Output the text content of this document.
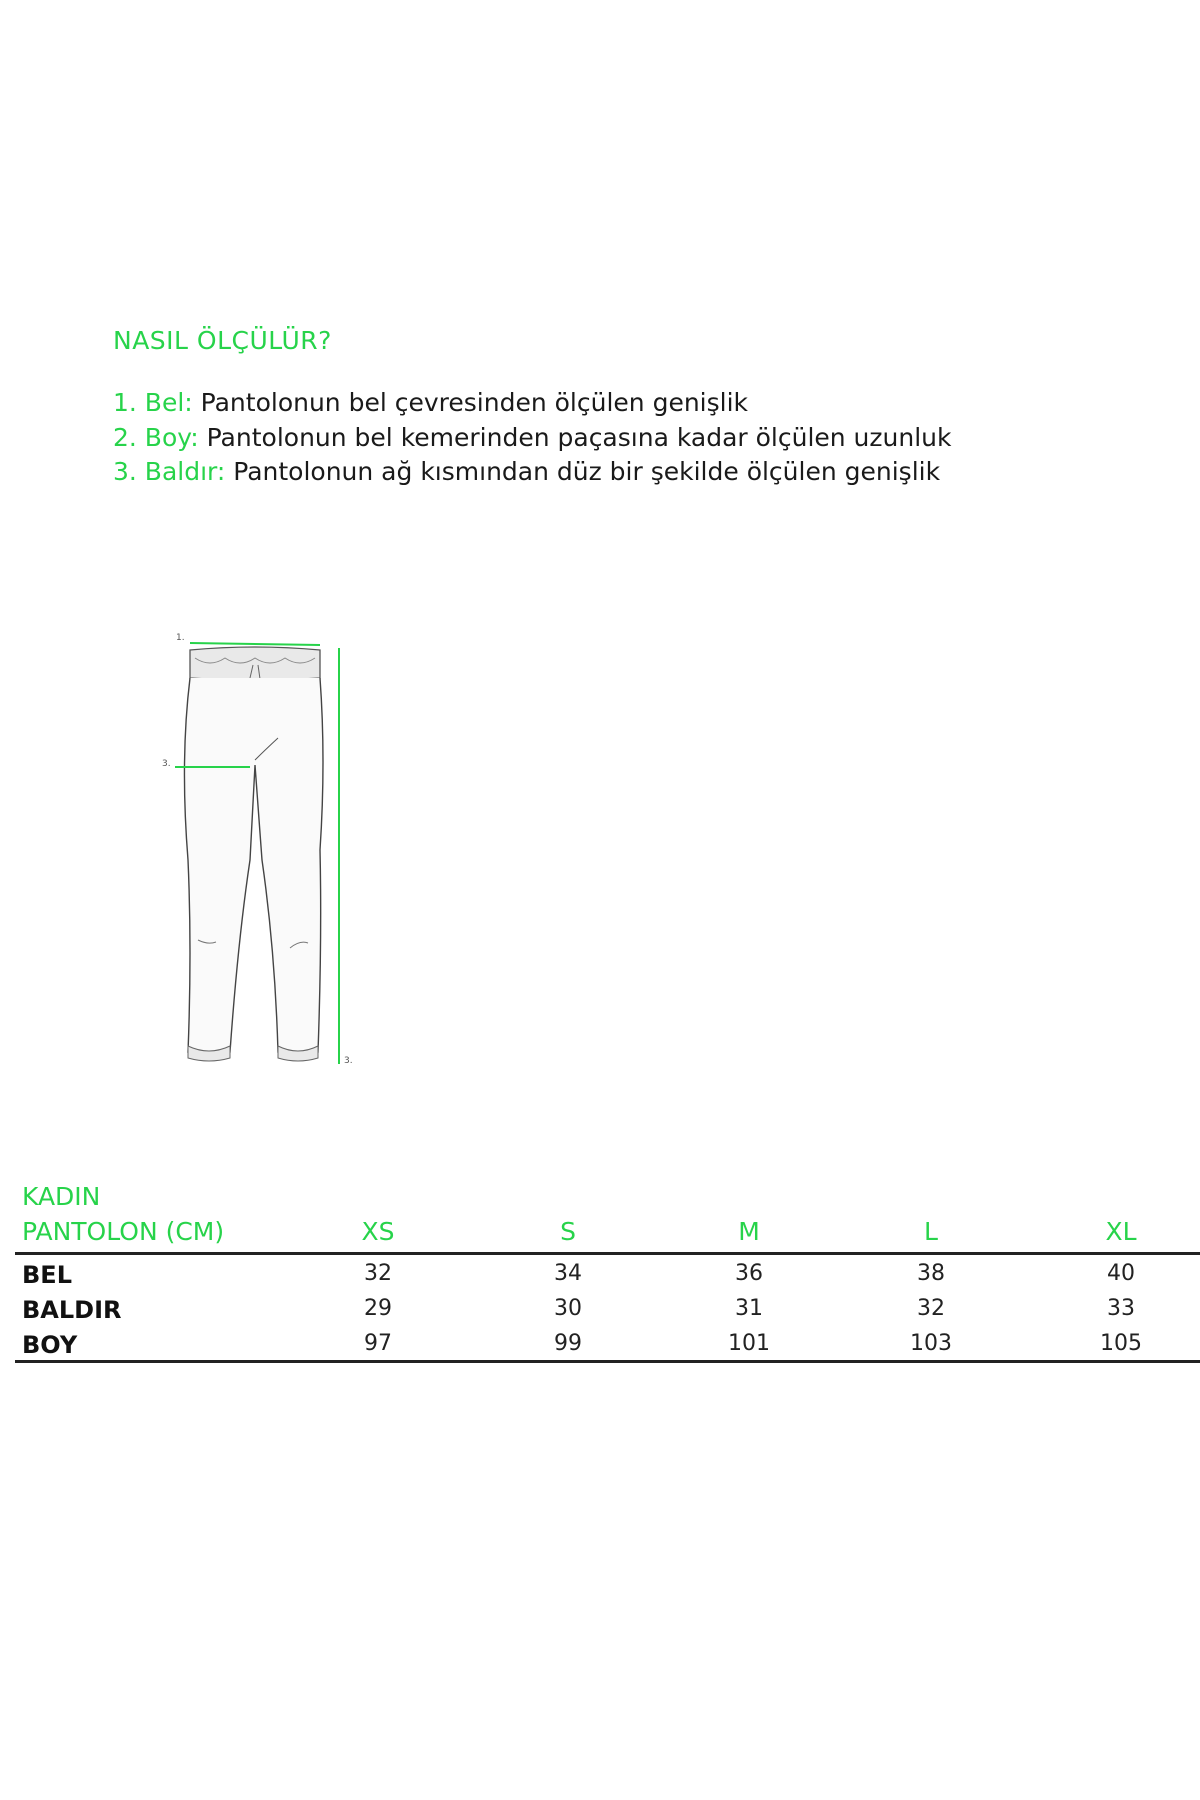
NASIL ÖLÇÜLÜR?
1. Bel: Pantolonun bel çevresinden ölçülen genişlik
2. Boy: Pantolonun bel kemerinden paçasına kadar ölçülen uzunluk
3. Baldır: Pantolonun ağ kısmından düz bir şekilde ölçülen genişlik
1.
3.
3.
KADIN
PANTOLON (CM)	XS	S	M	L	XL
BEL	32	34	36	38	40
BALDIR	29	30	31	32	33
BOY	97	99	101	103	105
